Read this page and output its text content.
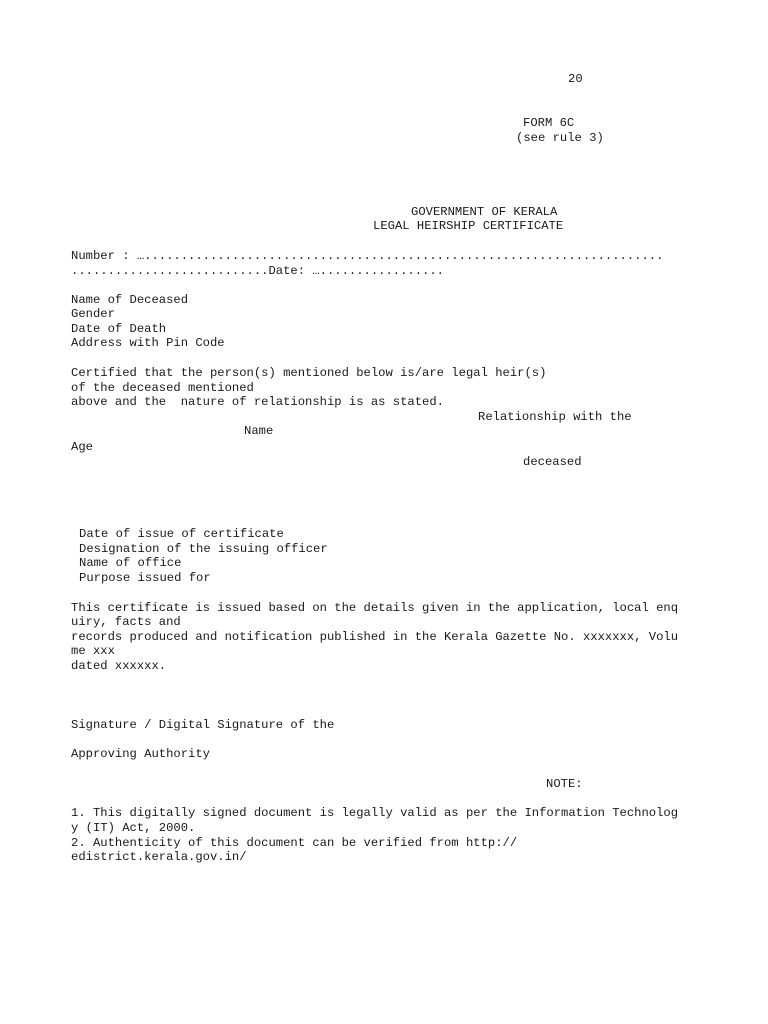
20
FORM 6C
(see rule 3)
GOVERNMENT OF KERALA
LEGAL HEIRSHIP CERTIFICATE
Number : ….......................................................................
...........................Date: ….................
Name of Deceased
Gender
Date of Death
Address with Pin Code
Certified that the person(s) mentioned below is/are legal heir(s)
of the deceased mentioned
above and the  nature of relationship is as stated.
Relationship with the
Name
Age
deceased
Date of issue of certificate
Designation of the issuing officer
Name of office
Purpose issued for
This certificate is issued based on the details given in the application, local enq
uiry, facts and
records produced and notification published in the Kerala Gazette No. xxxxxxx, Volu
me xxx
dated xxxxxx.
Signature / Digital Signature of the
Approving Authority
NOTE:
1. This digitally signed document is legally valid as per the Information Technolog
y (IT) Act, 2000.
2. Authenticity of this document can be verified from http://
edistrict.kerala.gov.in/
